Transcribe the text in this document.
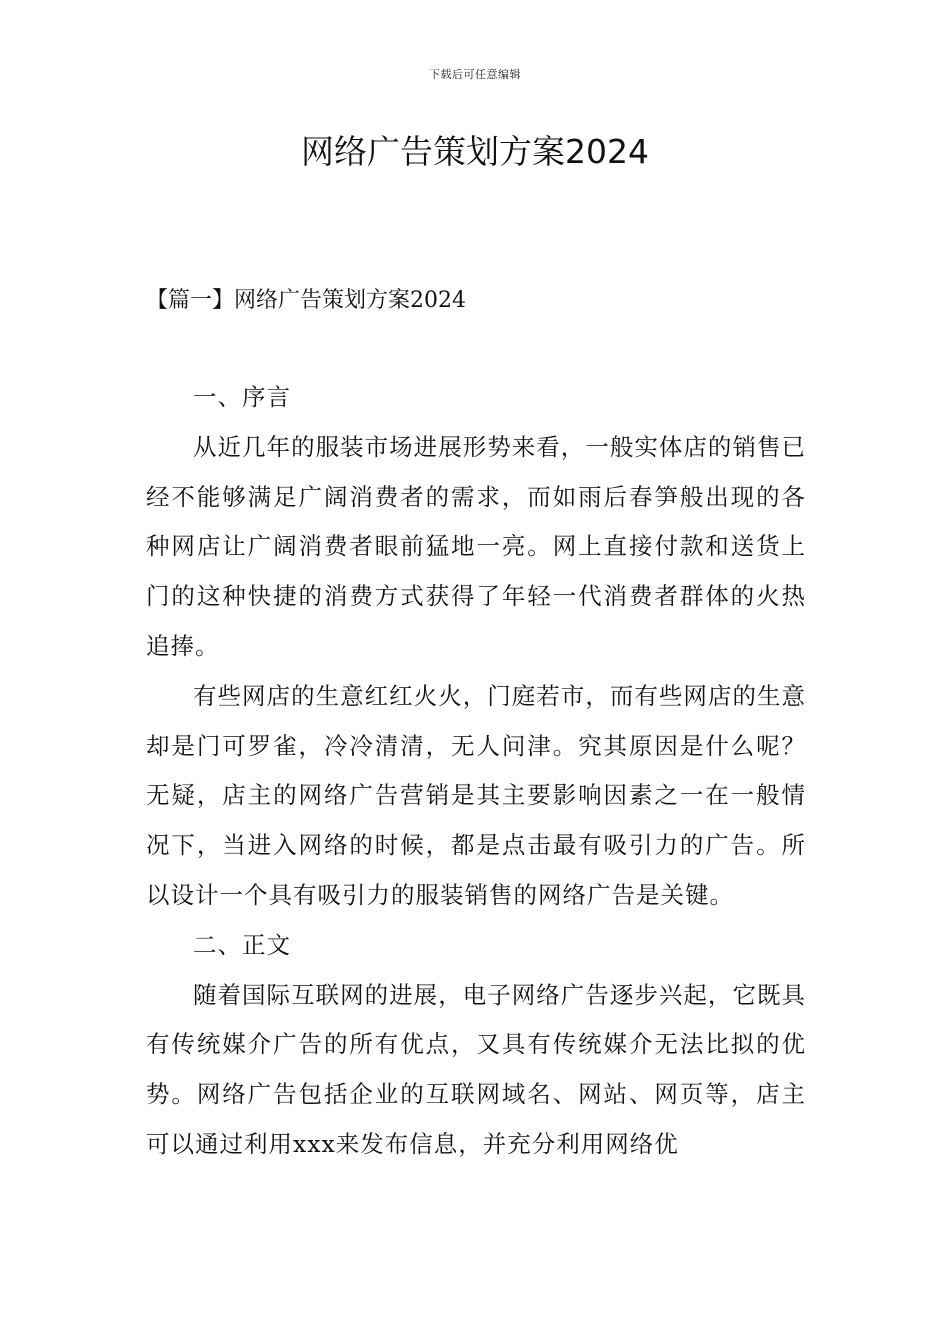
下载后可任意编辑
网络广告策划方案2024
【篇一】网络广告策划方案2024

一、序言

从近几年的服装市场进展形势来看，一般实体店的销售已经不能够满足广阔消费者的需求，而如雨后春笋般出现的各种网店让广阔消费者眼前猛地一亮。网上直接付款和送货上门的这种快捷的消费方式获得了年轻一代消费者群体的火热追捧。

有些网店的生意红红火火，门庭若市，而有些网店的生意却是门可罗雀，冷冷清清，无人问津。究其原因是什么呢？无疑，店主的网络广告营销是其主要影响因素之一在一般情况下，当进入网络的时候，都是点击最有吸引力的广告。所以设计一个具有吸引力的服装销售的网络广告是关键。

二、正文

随着国际互联网的进展，电子网络广告逐步兴起，它既具有传统媒介广告的所有优点，又具有传统媒介无法比拟的优势。网络广告包括企业的互联网域名、网站、网页等，店主可以通过利用xxx来发布信息，并充分利用网络优
